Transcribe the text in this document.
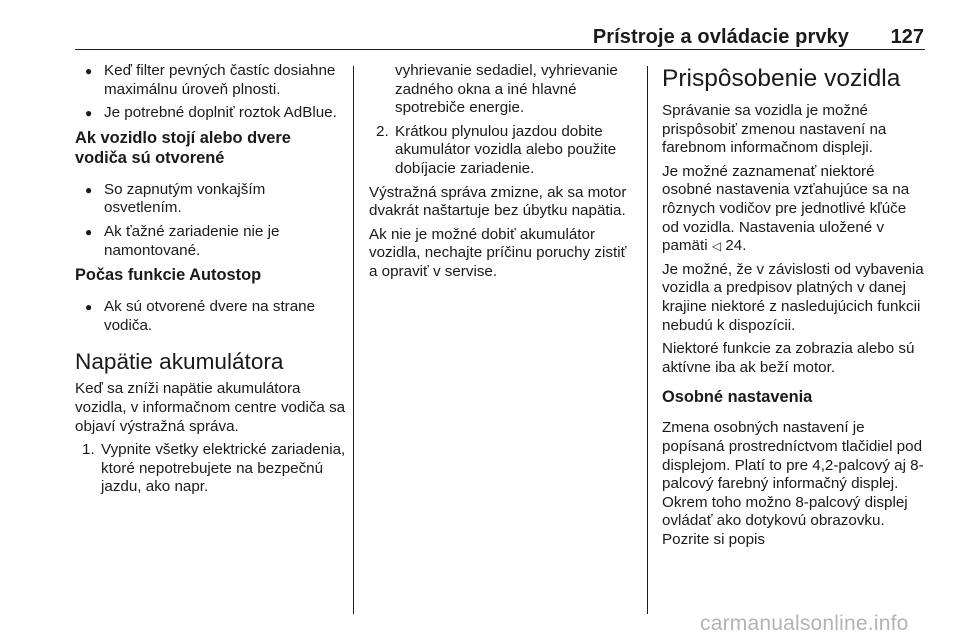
Prístroje a ovládacie prvky 127
● Keď filter pevných častíc dosiahne maximálnu úroveň plnosti.
● Je potrebné doplniť roztok AdBlue.
Ak vozidlo stojí alebo dvere vodiča sú otvorené
● So zapnutým vonkajším osvetlením.
● Ak ťažné zariadenie nie je namontované.
Počas funkcie Autostop
● Ak sú otvorené dvere na strane vodiča.
Napätie akumulátora

Keď sa zníži napätie akumulátora vozidla, v informačnom centre vodiča sa objaví výstražná správa.

1. Vypnite všetky elektrické zariadenia, ktoré nepotrebujete na bezpečnú jazdu, ako napr.
vyhrievanie sedadiel, vyhrievanie zadného okna a iné hlavné spotrebiče energie.
2. Krátkou plynulou jazdou dobite akumulátor vozidla alebo použite dobíjacie zariadenie.

Výstražná správa zmizne, ak sa motor dvakrát naštartuje bez úbytku napätia.

Ak nie je možné dobiť akumulátor vozidla, nechajte príčinu poruchy zistiť a opraviť v servise.

Prispôsobenie vozidla

Správanie sa vozidla je možné prispôsobiť zmenou nastavení na farebnom informačnom displeji.

Je možné zaznamenať niektoré osobné nastavenia vzťahujúce sa na rôznych vodičov pre jednotlivé kľúče od vozidla. Nastavenia uložené v pamäti ◁ 24.

Je možné, že v závislosti od vybavenia vozidla a predpisov platných v danej krajine niektoré z nasledujúcich funkcii nebudú k dispozícii.

Niektoré funkcie za zobrazia alebo sú aktívne iba ak beží motor.

Osobné nastavenia

Zmena osobných nastavení je popísaná prostredníctvom tlačidiel pod displejom. Platí to pre 4,2-palcový aj 8-palcový farebný informačný displej. Okrem toho možno 8-palcový displej ovládať ako dotykovú obrazovku. Pozrite si popis

carmanualsonline.info
